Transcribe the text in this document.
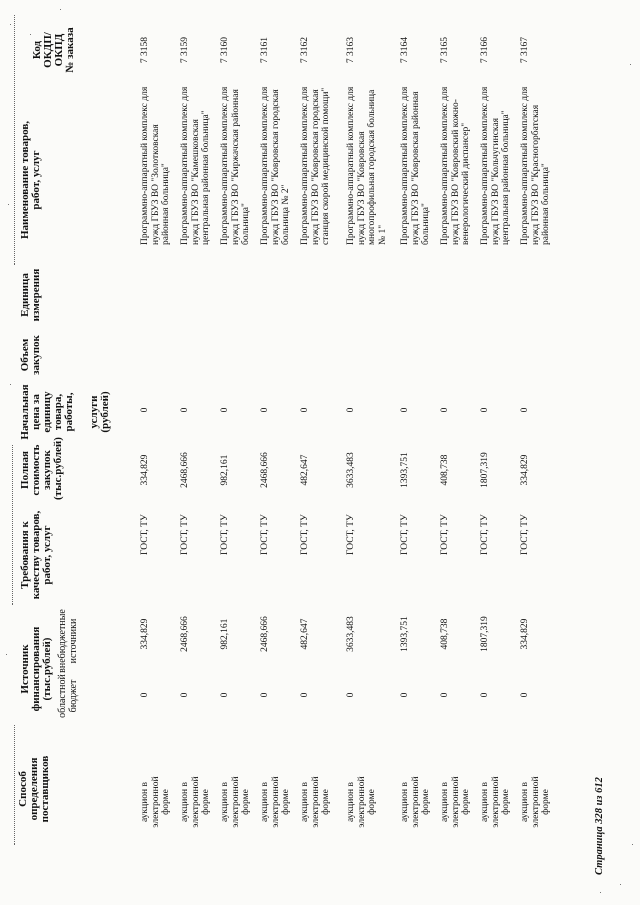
Код ОКДП/ ОКПД № заказа
Наименование товаров, работ, услуг
Единица измерения
Объем закупок
Начальная цена за единицу товара, работы, услуги (рублей)
Полная стоимость закупок (тыс.рублей)
Требования к качеству товаров, работ, услуг
Источник финансирования (тыс.рублей) областной бюджет
внебюджетные источники
Способ определения поставщиков
7 3158
Программно-аппаратный комплекс для нужд ГБУЗ ВО "Золотковская районная больница"
0
334,829
ГОСТ, ТУ
0
334,829
аукцион в электронной форме
7 3159
Программно-аппаратный комплекс для нужд ГБУЗ ВО "Камешковская центральная районная больница"
0
2468,666
ГОСТ, ТУ
0
2468,666
аукцион в электронной форме
7 3160
Программно-аппаратный комплекс для нужд ГБУЗ ВО "Киржачская районная больница"
0
982,161
ГОСТ, ТУ
0
982,161
аукцион в электронной форме
7 3161
Программно-аппаратный комплекс для нужд ГБУЗ ВО "Ковровская городская больница № 2"
0
2468,666
ГОСТ, ТУ
0
2468,666
аукцион в электронной форме
7 3162
Программно-аппаратный комплекс для нужд ГБУЗ ВО "Ковровская городская станция скорой медицинской помощи"
0
482,647
ГОСТ, ТУ
0
482,647
аукцион в электронной форме
7 3163
Программно-аппаратный комплекс для нужд ГБУЗ ВО "Ковровская многопрофильная городская больница № 1"
0
3633,483
ГОСТ, ТУ
0
3633,483
аукцион в электронной форме
7 3164
Программно-аппаратный комплекс для нужд ГБУЗ ВО "Ковровская районная больница"
0
1393,751
ГОСТ, ТУ
0
1393,751
аукцион в электронной форме
7 3165
Программно-аппаратный комплекс для нужд ГБУЗ ВО "Ковровский кожно- венерологический диспансер"
0
408,738
ГОСТ, ТУ
0
408,738
аукцион в электронной форме
7 3166
Программно-аппаратный комплекс для нужд ГБУЗ ВО "Кольчугинская центральная районная больница"
0
1807,319
ГОСТ, ТУ
0
1807,319
аукцион в электронной форме
7 3167
Программно-аппаратный комплекс для нужд ГБУЗ ВО "Красногорбатская районная больница"
0
334,829
ГОСТ, ТУ
0
334,829
аукцион в электронной форме	Страница 328 из 612
